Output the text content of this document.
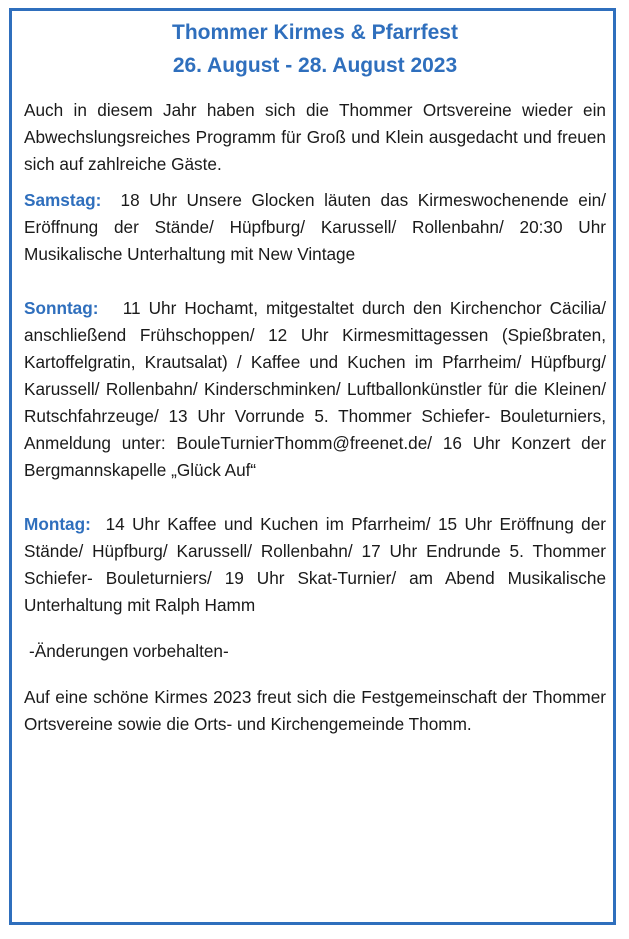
Thommer Kirmes & Pfarrfest
26. August - 28. August 2023

Auch in diesem Jahr haben sich die Thommer Ortsvereine wieder ein Abwechslungsreiches Programm für Groß und Klein ausgedacht und freuen sich auf zahlreiche Gäste.

Samstag: 18 Uhr Unsere Glocken läuten das Kirmeswochenende ein/ Eröffnung der Stände/ Hüpfburg/ Karussell/ Rollenbahn/ 20:30 Uhr Musikalische Unterhaltung mit New Vintage

Sonntag: 11 Uhr Hochamt, mitgestaltet durch den Kirchenchor Cäcilia/ anschließend Frühschoppen/ 12 Uhr Kirmesmittagessen (Spießbraten, Kartoffelgratin, Krautsalat) / Kaffee und Kuchen im Pfarrheim/ Hüpfburg/ Karussell/ Rollenbahn/ Kinderschminken/ Luftballonkünstler für die Kleinen/ Rutschfahrzeuge/ 13 Uhr Vorrunde 5. Thommer Schiefer- Bouleturniers, Anmeldung unter: BouleTurnierThomm@freenet.de/ 16 Uhr Konzert der Bergmannskapelle „Glück Auf“

Montag: 14 Uhr Kaffee und Kuchen im Pfarrheim/ 15 Uhr Eröffnung der Stände/ Hüpfburg/ Karussell/ Rollenbahn/ 17 Uhr Endrunde 5. Thommer Schiefer- Bouleturniers/ 19 Uhr Skat-Turnier/ am Abend Musikalische Unterhaltung mit Ralph Hamm

-Änderungen vorbehalten-

Auf eine schöne Kirmes 2023 freut sich die Festgemeinschaft der Thommer Ortsvereine sowie die Orts- und Kirchengemeinde Thomm.
